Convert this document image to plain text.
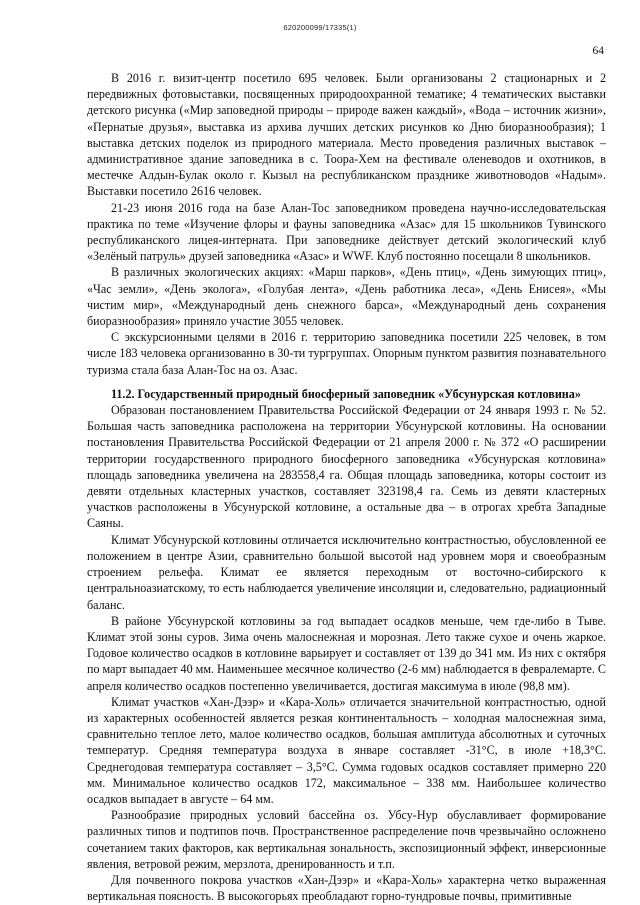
620200099/17335(1)
64

В 2016 г. визит-центр посетило 695 человек. Были организованы 2 стационарных и 2 передвижных фотовыставки, посвященных природоохранной тематике; 4 тематических выставки детского рисунка («Мир заповедной природы – природе важен каждый», «Вода – источник жизни», «Пернатые друзья», выставка из архива лучших детских рисунков ко Дню биоразнообразия); 1 выставка детских поделок из природного материала. Место проведения различных выставок – административное здание заповедника в с. Тоора-Хем на фестивале оленеводов и охотников, в местечке Алдын-Булак около г. Кызыл на республиканском празднике животноводов «Надым». Выставки посетило 2616 человек.

21-23 июня 2016 года на базе Алан-Тос заповедником проведена научно-исследовательская практика по теме «Изучение флоры и фауны заповедника «Азас» для 15 школьников Тувинского республиканского лицея-интерната. При заповеднике действует детский экологический клуб «Зелёный патруль» друзей заповедника «Азас» и WWF. Клуб постоянно посещали 8 школьников.

В различных экологических акциях: «Марш парков», «День птиц», «День зимующих птиц», «Час земли», «День эколога», «Голубая лента», «День работника леса», «День Енисея», «Мы чистим мир», «Международный день снежного барса», «Международный день сохранения биоразнообразия» приняло участие 3055 человек.

С экскурсионными целями в 2016 г. территорию заповедника посетили 225 человек, в том числе 183 человека организованно в 30-ти тургруппах. Опорным пунктом развития познавательного туризма стала база Алан-Тос на оз. Азас.

11.2. Государственный природный биосферный заповедник «Убсунурская котловина»

Образован постановлением Правительства Российской Федерации от 24 января 1993 г. № 52. Большая часть заповедника расположена на территории Убсунурской котловины. На основании постановления Правительства Российской Федерации от 21 апреля 2000 г. № 372 «О расширении территории государственного природного биосферного заповедника «Убсунурская котловина» площадь заповедника увеличена на 283558,4 га. Общая площадь заповедника, которы состоит из девяти отдельных кластерных участков, составляет 323198,4 га. Семь из девяти кластерных участков расположены в Убсунурской котловине, а остальные два – в отрогах хребта Западные Саяны.

Климат Убсунурской котловины отличается исключительно контрастностью, обусловленной ее положением в центре Азии, сравнительно большой высотой над уровнем моря и своеобразным строением рельефа. Климат ее является переходным от восточно-сибирского к центральноазиатскому, то есть наблюдается увеличение инсоляции и, следовательно, радиационный баланс.

В районе Убсунурской котловины за год выпадает осадков меньше, чем где-либо в Тыве. Климат этой зоны суров. Зима очень малоснежная и морозная. Лето также сухое и очень жаркое. Годовое количество осадков в котловине варьирует и составляет от 139 до 341 мм. Из них с октября по март выпадает 40 мм. Наименьшее месячное количество (2-6 мм) наблюдается в февралемарте. С апреля количество осадков постепенно увеличивается, достигая максимума в июле (98,8 мм).

Климат участков «Хан-Дээр» и «Кара-Холь» отличается значительной контрастностью, одной из характерных особенностей является резкая континентальность – холодная малоснежная зима, сравнительно теплое лето, малое количество осадков, большая амплитуда абсолютных и суточных температур. Средняя температура воздуха в январе составляет -31°С, в июле +18,3°С. Среднегодовая температура составляет – 3,5°С. Сумма годовых осадков составляет примерно 220 мм. Минимальное количество осадков 172, максимальное – 338 мм. Наибольшее количество осадков выпадает в августе – 64 мм.

Разнообразие природных условий бассейна оз. Убсу-Нур обуславливает формирование различных типов и подтипов почв. Пространственное распределение почв чрезвычайно осложнено сочетанием таких факторов, как вертикальная зональность, экспозиционный эффект, инверсионные явления, ветровой режим, мерзлота, дренированность и т.п.

Для почвенного покрова участков «Хан-Дээр» и «Кара-Холь» характерна четко выраженная вертикальная поясность. В высокогорьях преобладают горно-тундровые почвы, примитивные
